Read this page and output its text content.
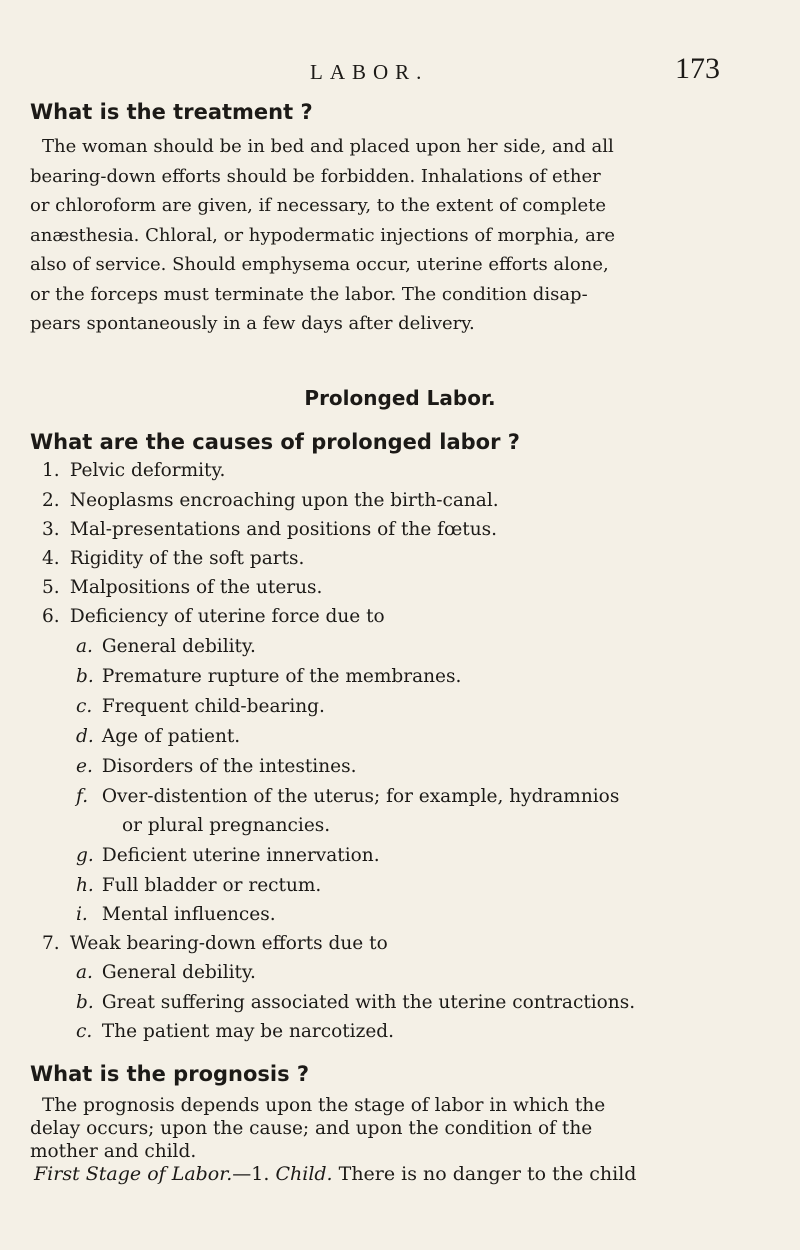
LABOR.	173
What is the treatment ?
The woman should be in bed and placed upon her side, and all
bearing-down efforts should be forbidden. Inhalations of ether
or chloroform are given, if necessary, to the extent of complete
anæsthesia. Chloral, or hypodermatic injections of morphia, are
also of service. Should emphysema occur, uterine efforts alone,
or the forceps must terminate the labor. The condition disap-
pears spontaneously in a few days after delivery.
Prolonged Labor.
What are the causes of prolonged labor ?
1. Pelvic deformity.
2. Neoplasms encroaching upon the birth-canal.
3. Mal-presentations and positions of the fœtus.
4. Rigidity of the soft parts.
5. Malpositions of the uterus.
6. Deficiency of uterine force due to
a. General debility.
b. Premature rupture of the membranes.
c. Frequent child-bearing.
d. Age of patient.
e. Disorders of the intestines.
f. Over-distention of the uterus; for example, hydramnios
or plural pregnancies.
g. Deficient uterine innervation.
h. Full bladder or rectum.
i. Mental influences.
7. Weak bearing-down efforts due to
a. General debility.
b. Great suffering associated with the uterine contractions.
c. The patient may be narcotized.
What is the prognosis ?
The prognosis depends upon the stage of labor in which the
delay occurs; upon the cause; and upon the condition of the
mother and child.
First Stage of Labor.—1. Child. There is no danger to the child
